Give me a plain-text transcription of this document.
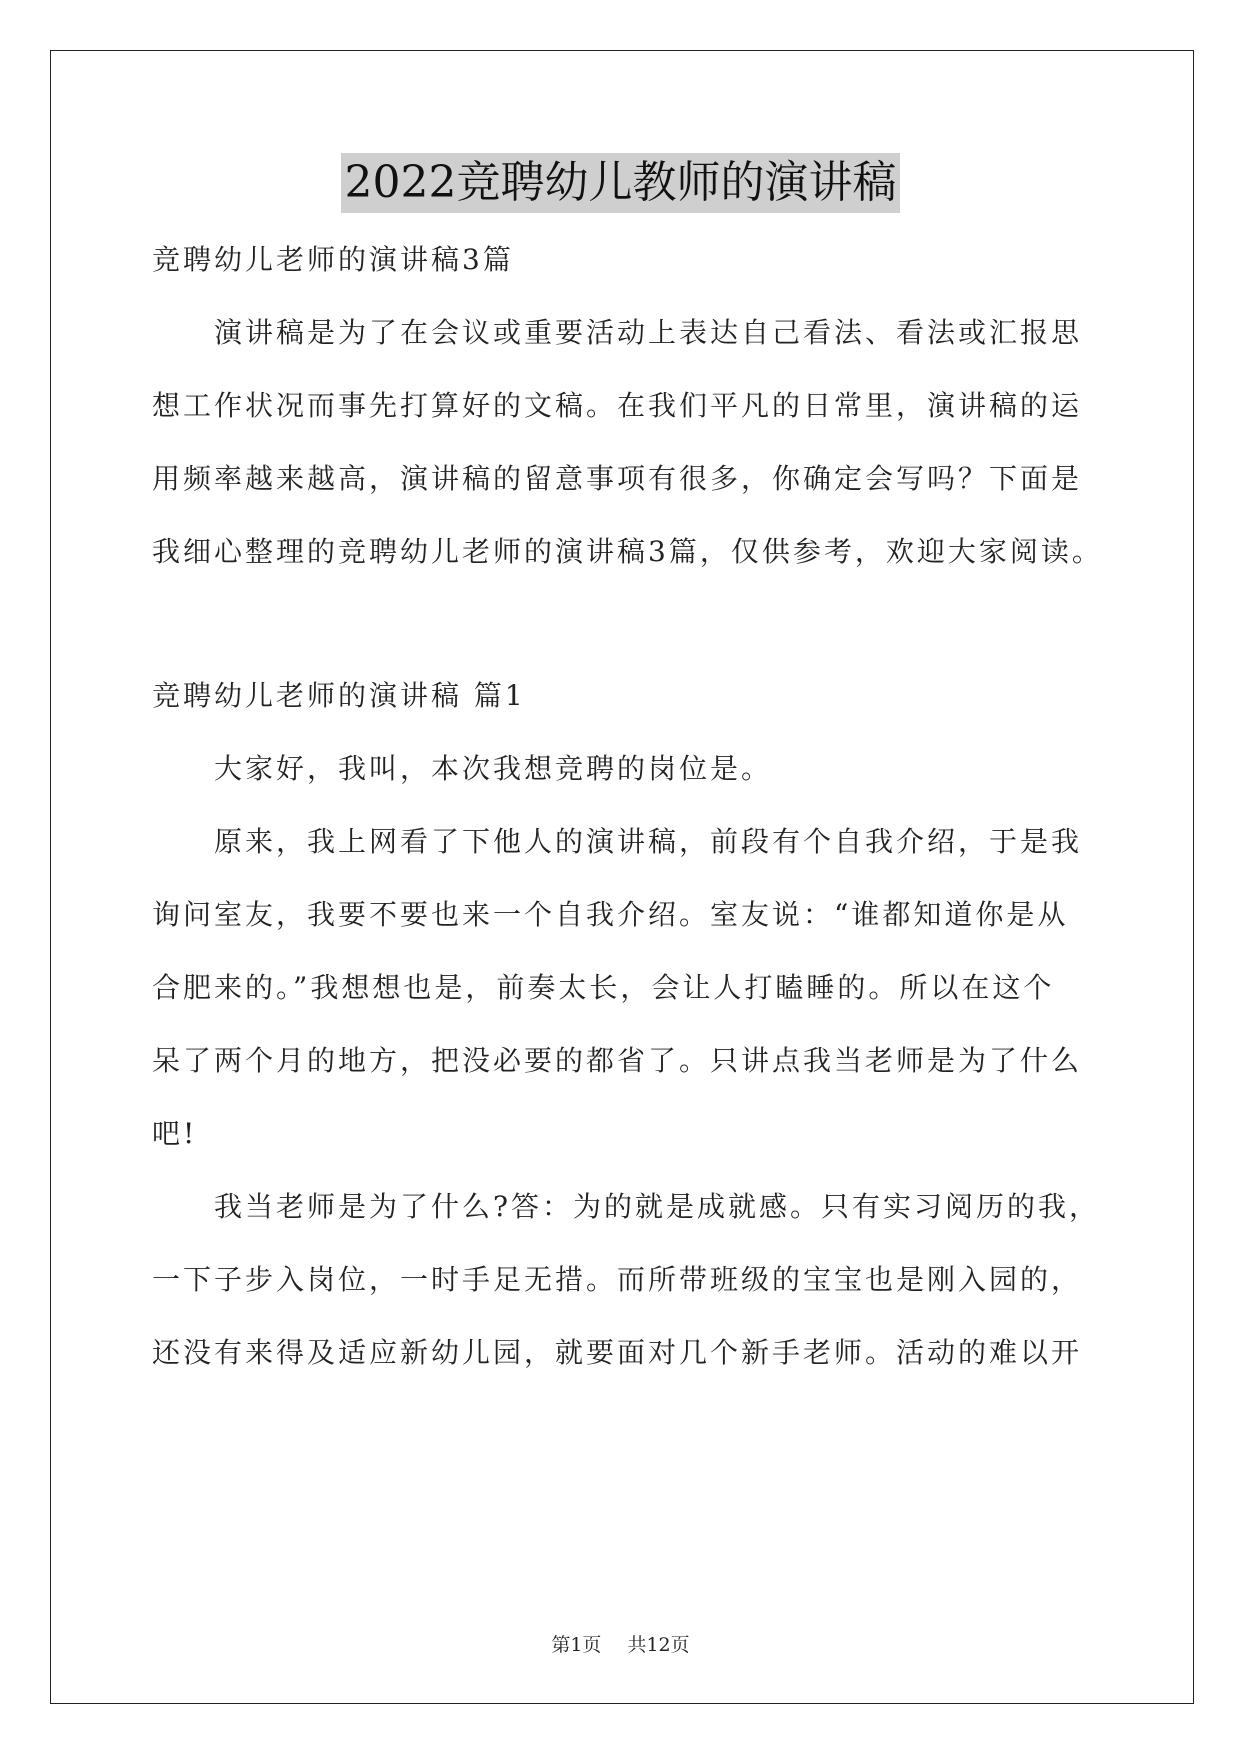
2022竞聘幼儿教师的演讲稿
竞聘幼儿老师的演讲稿3篇
演讲稿是为了在会议或重要活动上表达自己看法、看法或汇报思
想工作状况而事先打算好的文稿。在我们平凡的日常里，演讲稿的运
用频率越来越高，演讲稿的留意事项有很多，你确定会写吗？下面是
我细心整理的竞聘幼儿老师的演讲稿3篇，仅供参考，欢迎大家阅读。
竞聘幼儿老师的演讲稿 篇1
大家好，我叫，本次我想竞聘的岗位是。
原来，我上网看了下他人的演讲稿，前段有个自我介绍，于是我
询问室友，我要不要也来一个自我介绍。室友说：“谁都知道你是从
合肥来的。”我想想也是，前奏太长，会让人打瞌睡的。所以在这个
呆了两个月的地方，把没必要的都省了。只讲点我当老师是为了什么
吧!
我当老师是为了什么?答：为的就是成就感。只有实习阅历的我，
一下子步入岗位，一时手足无措。而所带班级的宝宝也是刚入园的，
还没有来得及适应新幼儿园，就要面对几个新手老师。活动的难以开
第1页 共12页
